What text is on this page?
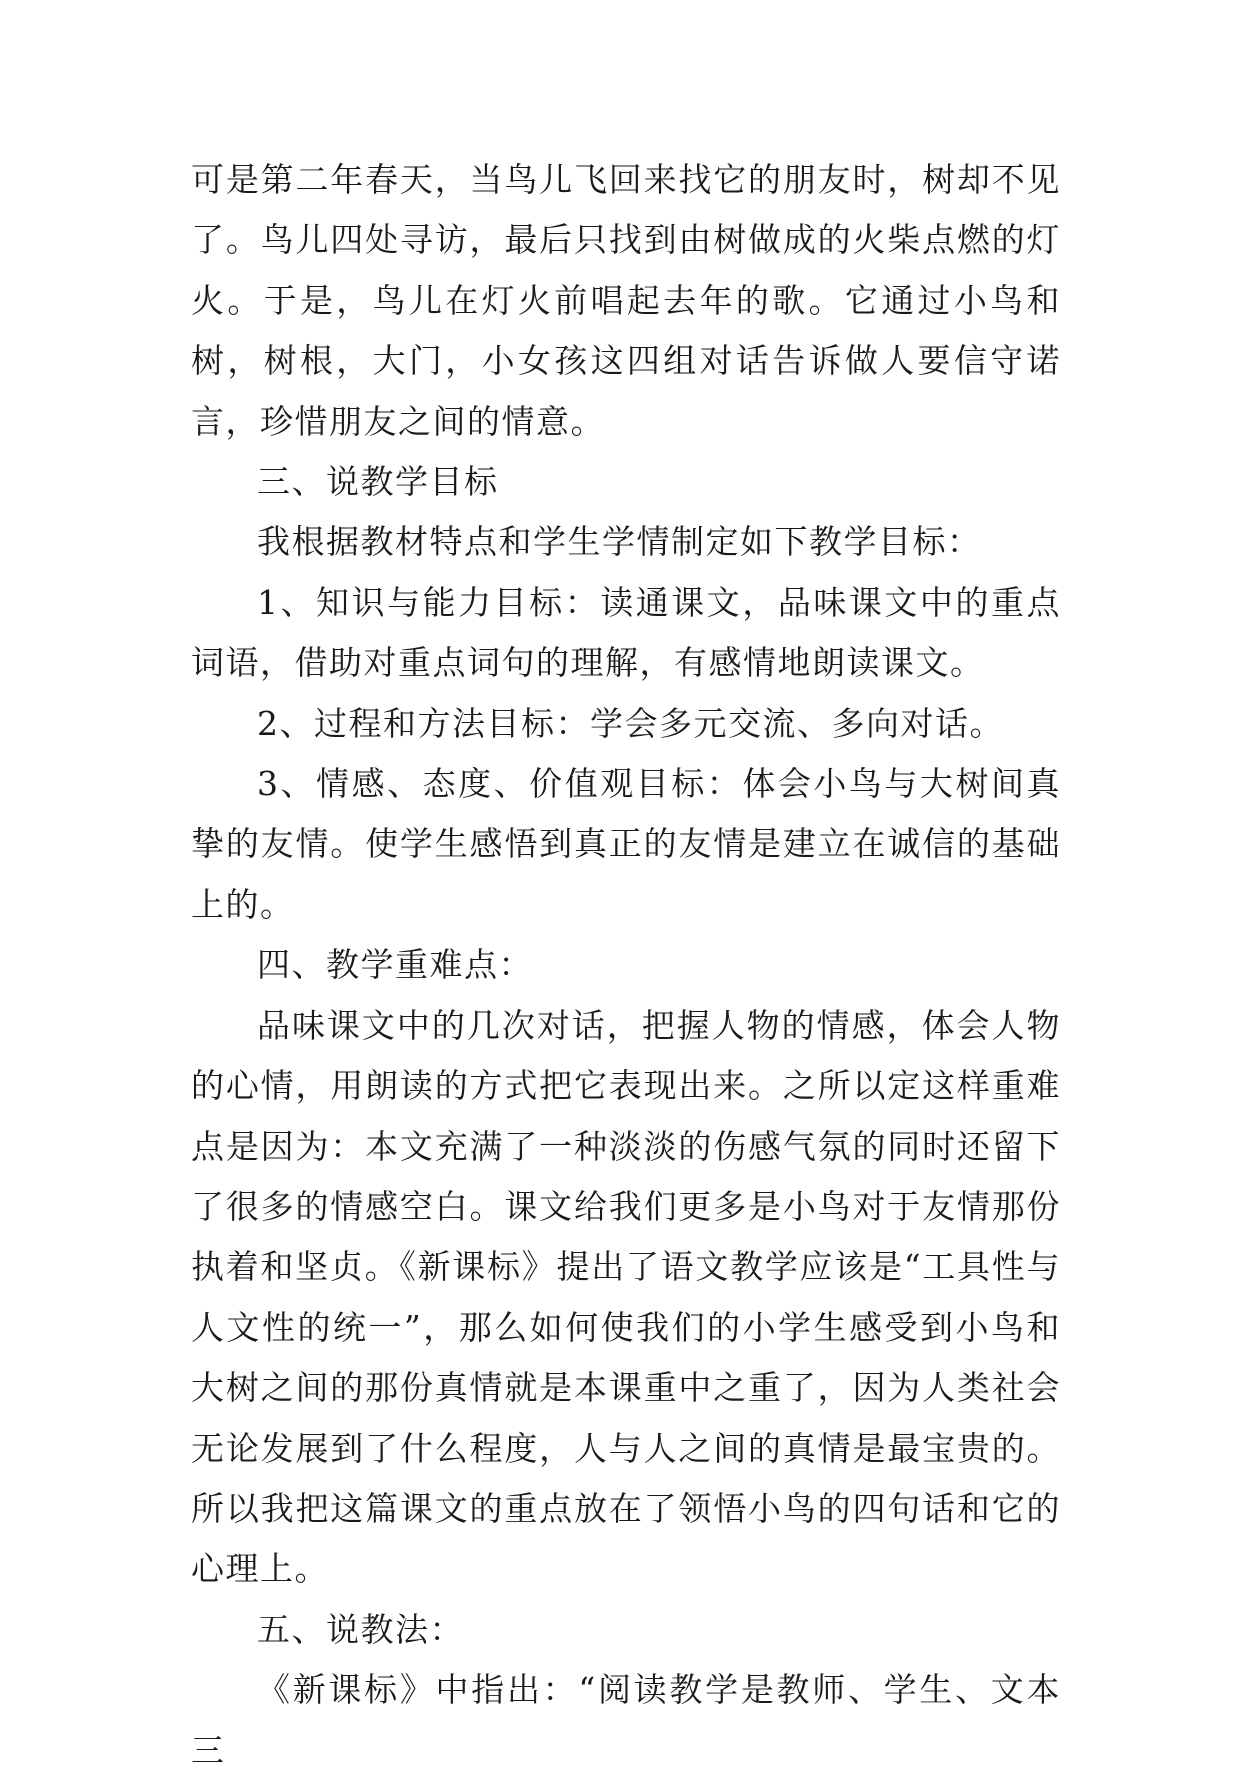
可是第二年春天，当鸟儿飞回来找它的朋友时，树却不见了。鸟儿四处寻访，最后只找到由树做成的火柴点燃的灯火。于是，鸟儿在灯火前唱起去年的歌。它通过小鸟和树，树根，大门，小女孩这四组对话告诉做人要信守诺言，珍惜朋友之间的情意。

三、说教学目标

我根据教材特点和学生学情制定如下教学目标：

1、知识与能力目标：读通课文，品味课文中的重点词语，借助对重点词句的理解，有感情地朗读课文。

2、过程和方法目标：学会多元交流、多向对话。

3、情感、态度、价值观目标：体会小鸟与大树间真挚的友情。使学生感悟到真正的友情是建立在诚信的基础上的。

四、教学重难点：

品味课文中的几次对话，把握人物的情感，体会人物的心情，用朗读的方式把它表现出来。之所以定这样重难点是因为：本文充满了一种淡淡的伤感气氛的同时还留下了很多的情感空白。课文给我们更多是小鸟对于友情那份执着和坚贞。《新课标》提出了语文教学应该是“工具性与人文性的统一”，那么如何使我们的小学生感受到小鸟和大树之间的那份真情就是本课重中之重了，因为人类社会无论发展到了什么程度，人与人之间的真情是最宝贵的。所以我把这篇课文的重点放在了领悟小鸟的四句话和它的心理上。

五、说教法：

《新课标》中指出：“阅读教学是教师、学生、文本三
